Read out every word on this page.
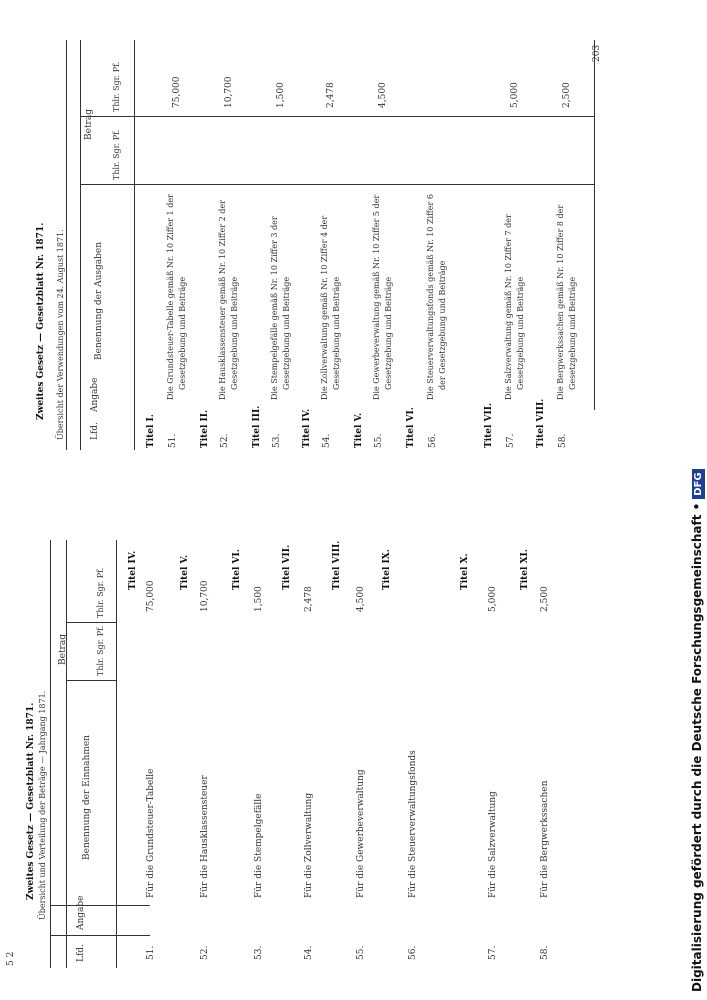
5 2
Zweites Gesetz — Gesetzblatt Nr. 1871. Übersicht und Verteilung der Beträge — Jahrgang 1871.
Lfd.
Angabe
Benennung der Einnahmen
Betrag	Thlr. Sgr. Pf.
Thlr. Sgr. Pf.
51.
Für die Grundsteuer-Tabelle
75,000
Titel IV.
52.
Für die Hausklassensteuer
10,700
Titel V.
53.
Für die Stempelgefälle
1,500
Titel VI.
54.
Für die Zollverwaltung
2,478
Titel VII.
55.
Für die Gewerbeverwaltung
4,500
Titel VIII.
56.
Für die Steuerverwaltungsfonds
Titel IX.
57.
Für die Salzverwaltung
5,000
Titel X.
58.
Für die Bergwerkssachen
2,500
Titel XI.
203
Zweites Gesetz — Gesetzblatt Nr. 1871. Übersicht der Verwendungen vom 24. August 1871.	Lfd.
Angabe
Benennung der Ausgaben
Betrag
Thlr. Sgr. Pf.
Thlr. Sgr. Pf.
Titel I. 51.
Die Grundsteuer-Tabelle gemäß Nr. 10 Ziffer 1 der Gesetzgebung und Beiträge
75,000
Titel II. 52.
Die Hausklassensteuer gemäß Nr. 10 Ziffer 2 der Gesetzgebung und Beiträge
10,700
Titel III. 53.
Die Stempelgefälle gemäß Nr. 10 Ziffer 3 der Gesetzgebung und Beiträge
1,500
Titel IV. 54.
Die Zollverwaltung gemäß Nr. 10 Ziffer 4 der Gesetzgebung und Beiträge
2,478
Titel V. 55.
Die Gewerbeverwaltung gemäß Nr. 10 Ziffer 5 der Gesetzgebung und Beiträge
4,500
Titel VI. 56.
Die Steuerverwaltungsfonds gemäß Nr. 10 Ziffer 6 der Gesetzgebung und Beiträge
Titel VII. 57.
Die Salzverwaltung gemäß Nr. 10 Ziffer 7 der Gesetzgebung und Beiträge
5,000
Titel VIII. 58.
Die Bergwerkssachen gemäß Nr. 10 Ziffer 8 der Gesetzgebung und Beiträge
2,500
Digitalisierung gefördert durch die Deutsche Forschungsgemeinschaft •DFG
